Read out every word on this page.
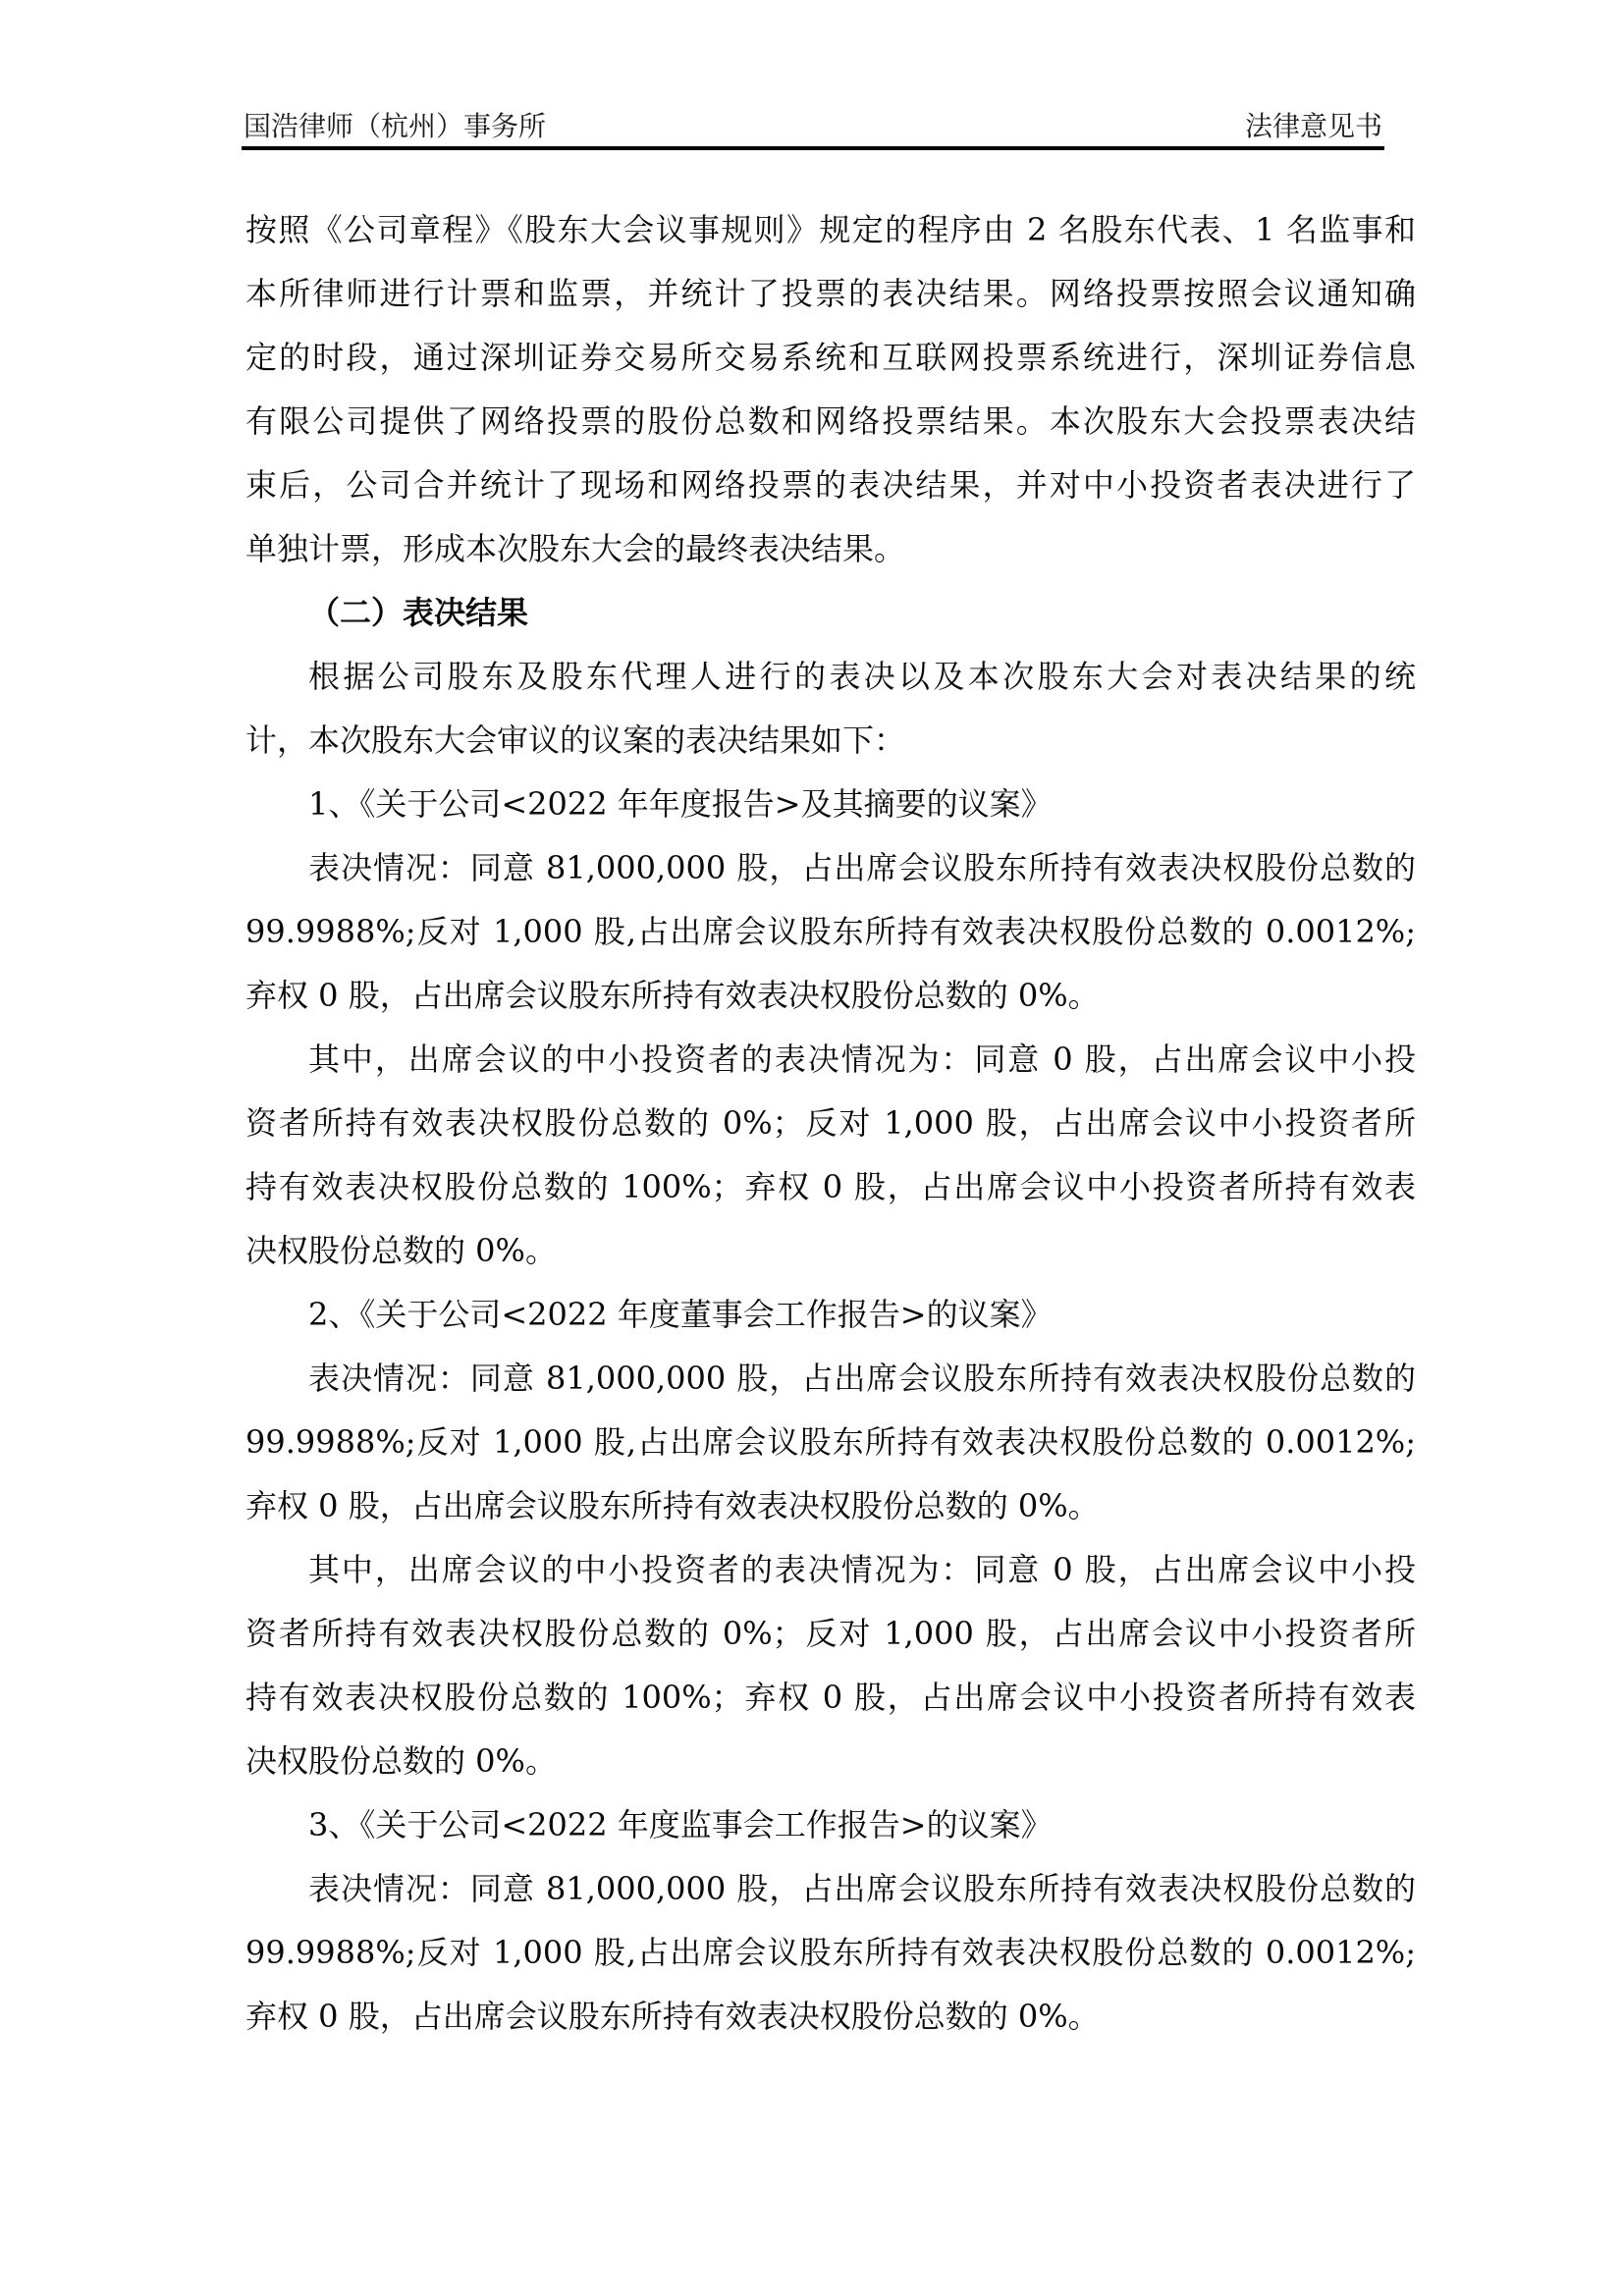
国浩律师（杭州）事务所	法律意见书
按照《公司章程》《股东大会议事规则》规定的程序由 2 名股东代表、1 名监事和
本所律师进行计票和监票，并统计了投票的表决结果。网络投票按照会议通知确
定的时段，通过深圳证券交易所交易系统和互联网投票系统进行，深圳证券信息
有限公司提供了网络投票的股份总数和网络投票结果。本次股东大会投票表决结
束后，公司合并统计了现场和网络投票的表决结果，并对中小投资者表决进行了
单独计票，形成本次股东大会的最终表决结果。
（二）表决结果
根据公司股东及股东代理人进行的表决以及本次股东大会对表决结果的统
计，本次股东大会审议的议案的表决结果如下：
1、《关于公司<2022 年年度报告>及其摘要的议案》
表决情况：同意 81,000,000 股，占出席会议股东所持有效表决权股份总数的
99.9988%;反对 1,000 股,占出席会议股东所持有效表决权股份总数的 0.0012%;
弃权 0 股，占出席会议股东所持有效表决权股份总数的 0%。
其中，出席会议的中小投资者的表决情况为：同意 0 股，占出席会议中小投
资者所持有效表决权股份总数的 0%；反对 1,000 股，占出席会议中小投资者所
持有效表决权股份总数的 100%；弃权 0 股，占出席会议中小投资者所持有效表
决权股份总数的 0%。
2、《关于公司<2022 年度董事会工作报告>的议案》
表决情况：同意 81,000,000 股，占出席会议股东所持有效表决权股份总数的
99.9988%;反对 1,000 股,占出席会议股东所持有效表决权股份总数的 0.0012%;
弃权 0 股，占出席会议股东所持有效表决权股份总数的 0%。
其中，出席会议的中小投资者的表决情况为：同意 0 股，占出席会议中小投
资者所持有效表决权股份总数的 0%；反对 1,000 股，占出席会议中小投资者所
持有效表决权股份总数的 100%；弃权 0 股，占出席会议中小投资者所持有效表
决权股份总数的 0%。
3、《关于公司<2022 年度监事会工作报告>的议案》
表决情况：同意 81,000,000 股，占出席会议股东所持有效表决权股份总数的
99.9988%;反对 1,000 股,占出席会议股东所持有效表决权股份总数的 0.0012%;
弃权 0 股，占出席会议股东所持有效表决权股份总数的 0%。
